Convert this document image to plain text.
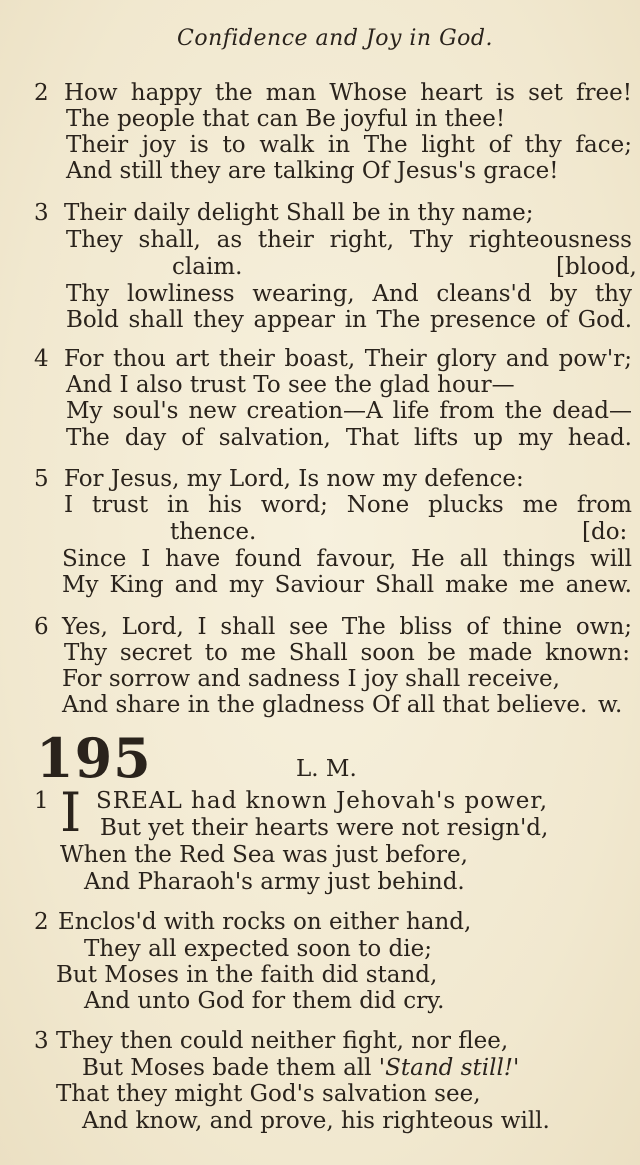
Confidence and Joy in God.
2 How happy the man Whose heart is set free!
The people that can Be joyful in thee!
Their joy is to walk in The light of thy face;
And still they are talking Of Jesus's grace!
3 Their daily delight Shall be in thy name;
They shall, as their right, Thy righteousness
claim.	[blood,
Thy lowliness wearing, And cleans'd by thy
Bold shall they appear in The presence of God.
4 For thou art their boast, Their glory and pow'r;
And I also trust To see the glad hour—
My soul's new creation—A life from the dead—
The day of salvation, That lifts up my head.
5 For Jesus, my Lord, Is now my defence:
I trust in his word; None plucks me from
thence.	[do:
Since I have found favour, He all things will
My King and my Saviour Shall make me anew.
6 Yes, Lord, I shall see The bliss of thine own;
Thy secret to me Shall soon be made known:
For sorrow and sadness I joy shall receive,
And share in the gladness Of all that believe. w.
195	L. M.
1 SREAL had known Jehovah's power,
I But yet their hearts were not resign'd,
When the Red Sea was just before,
And Pharaoh's army just behind.
2 Enclos'd with rocks on either hand,
They all expected soon to die;
But Moses in the faith did stand,
And unto God for them did cry.
3 They then could neither fight, nor flee,
But Moses bade them all 'Stand still!'
That they might God's salvation see,
And know, and prove, his righteous will.
